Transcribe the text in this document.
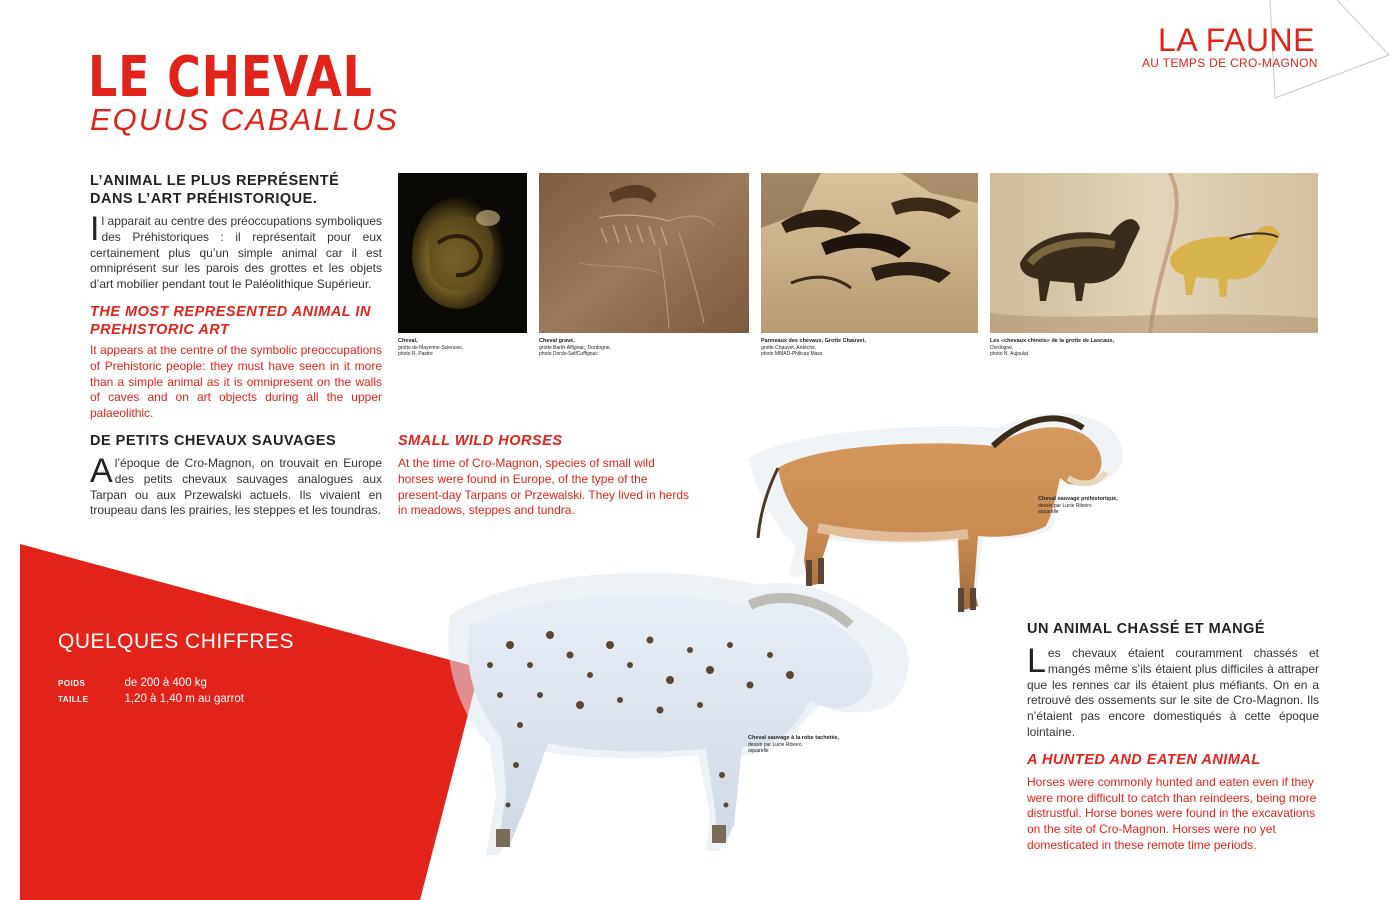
LE CHEVAL
EQUUS CABALLUS
LA FAUNE
AU TEMPS DE CRO-MAGNON
L’ANIMAL LE PLUS REPRÉSENTÉ DANS L’ART PRÉHISTORIQUE.
Il apparait au centre des préoccupations symboliques des Préhistoriques : il représentait pour eux certainement plus qu’un simple animal car il est omniprésent sur les parois des grottes et les objets d’art mobilier pendant tout le Paléolithique Supérieur.
THE MOST REPRESENTED ANIMAL IN PREHISTORIC ART
It appears at the centre of the symbolic preoccupations of Prehistoric people: they must have seen in it more than a simple animal as it is omnipresent on the walls of caves and on art objects during all the upper palaeolithic.
DE PETITS CHEVAUX SAUVAGES
Al’époque de Cro-Magnon, on trouvait en Europe des petits chevaux sauvages analogues aux Tarpan ou aux Przewalski actuels. Ils vivaient en troupeau dans les prairies, les steppes et les toundras.
SMALL WILD HORSES
At the time of Cro-Magnon, species of small wild horses were found in Europe, of the type of the present-day Tarpans or Przewalski. They lived in herds in meadows, steppes and tundra.
Cheval,
grotte de Mayenne-Sciences,
photo R. Pastre
Cheval gravé,
grotte Barth-Affignac, Dordogne,
photo Dordo-SelfCuffignac
Panneaux des chevaux, Grotte Chauvet,
grotte Chauvet, Ardèche,
photo MMAD-Philicas Mass
Les «chevaux chinois» de la grotte de Lascaux,
Dordogne,
photo N. Aujoulat
QUELQUES CHIFFRES
POIDS	de 200 à 400 kg
TAILLE	1,20 à 1,40 m au garrot
Cheval sauvage préhistorique,
dessin par Lucie Ribeiro
aquarelle
Cheval sauvage à la robe tachetée,
dessin par Lucie Ribeiro
aquarelle
UN ANIMAL CHASSÉ ET MANGÉ
Les chevaux étaient couramment chassés et mangés même s’ils étaient plus difficiles à attraper que les rennes car ils étaient plus méfiants. On en a retrouvé des ossements sur le site de Cro-Magnon. Ils n’étaient pas encore domestiqués à cette époque lointaine.
A HUNTED AND EATEN ANIMAL
Horses were commonly hunted and eaten even if they were more difficult to catch than reindeers, being more distrustful. Horse bones were found in the excavations on the site of Cro-Magnon. Horses were no yet domesticated in these remote time periods.
